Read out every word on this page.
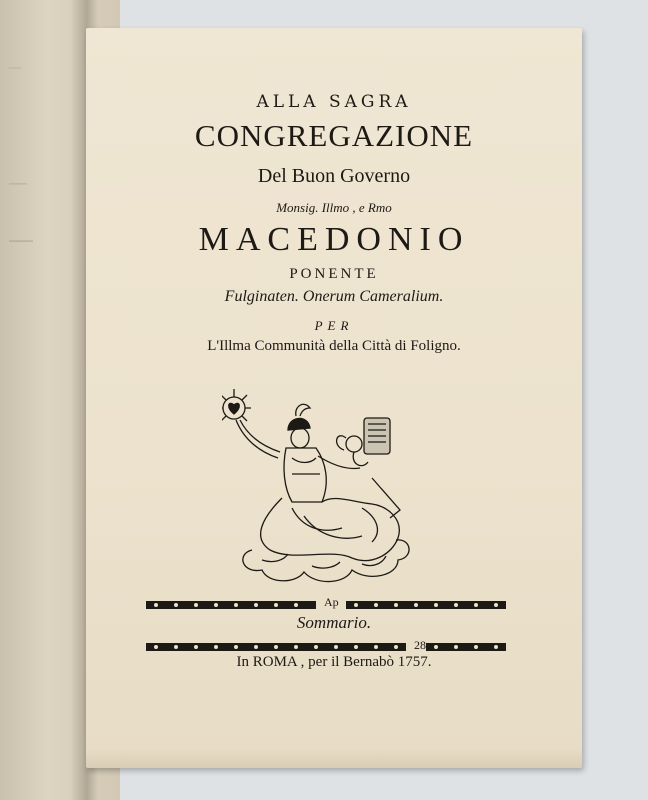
—
—
—
ALLA SAGRA
CONGREGAZIONE
Del Buon Governo
Monsig. Illmo , e Rmo
MACEDONIO
PONENTE
Fulginaten. Onerum Cameralium.
PER
L'Illma Communità della Città di Foligno.
Ap
Sommario.
28
In ROMA , per il Bernabò 1757.
